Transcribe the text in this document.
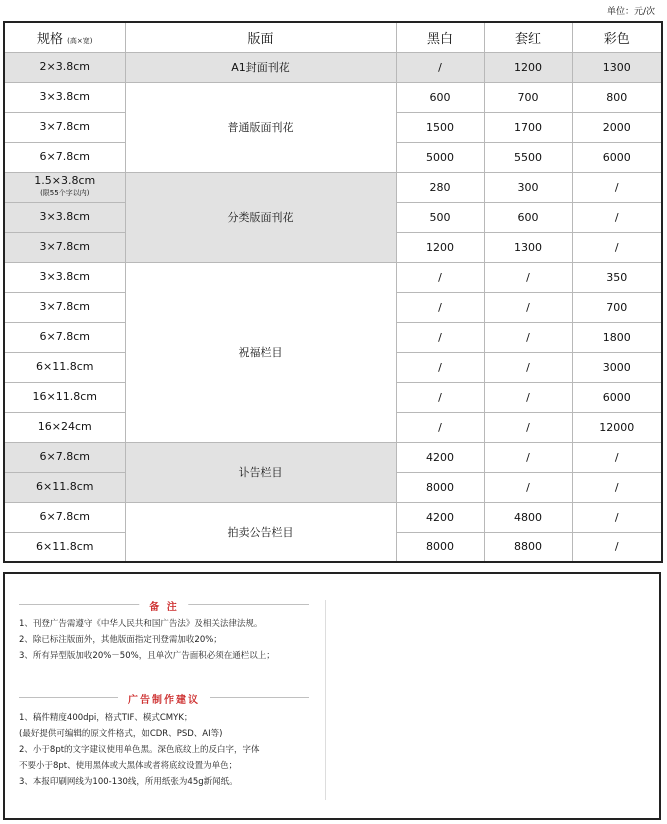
单位：元/次
规格 (高×宽)	版面	黑白	套红	彩色
2×3.8cm	A1封面刊花	/	1200	1300
3×3.8cm	普通版面刊花	600	700	800
3×7.8cm		1500	1700	2000
6×7.8cm		5000	5500	6000
1.5×3.8cm
(限55个字以内)	分类版面刊花	280	300	/
3×3.8cm		500	600	/
3×7.8cm		1200	1300	/
3×3.8cm	祝福栏目	/	/	350
3×7.8cm		/	/	700
6×7.8cm		/	/	1800
6×11.8cm		/	/	3000
16×11.8cm		/	/	6000
16×24cm		/	/	12000
6×7.8cm	讣告栏目	4200	/	/
6×11.8cm		8000	/	/
6×7.8cm	拍卖公告栏目	4200	4800	/
6×11.8cm		8000	8800	/
备 注
1、刊登广告需遵守《中华人民共和国广告法》及相关法律法规。
2、除已标注版面外，其他版面指定刊登需加收20%；
3、所有异型版加收20%－50%，且单次广告面积必须在通栏以上；
广告制作建议
1、稿件精度400dpi，格式TIF、模式CMYK；
(最好提供可编辑的原文件格式，如CDR、PSD、AI等)
2、小于8pt的文字建议使用单色黑。深色底纹上的反白字，字体
不要小于8pt、使用黑体或大黑体或者将底纹设置为单色；
3、本报印刷网线为100-130线，所用纸张为45g新闻纸。
